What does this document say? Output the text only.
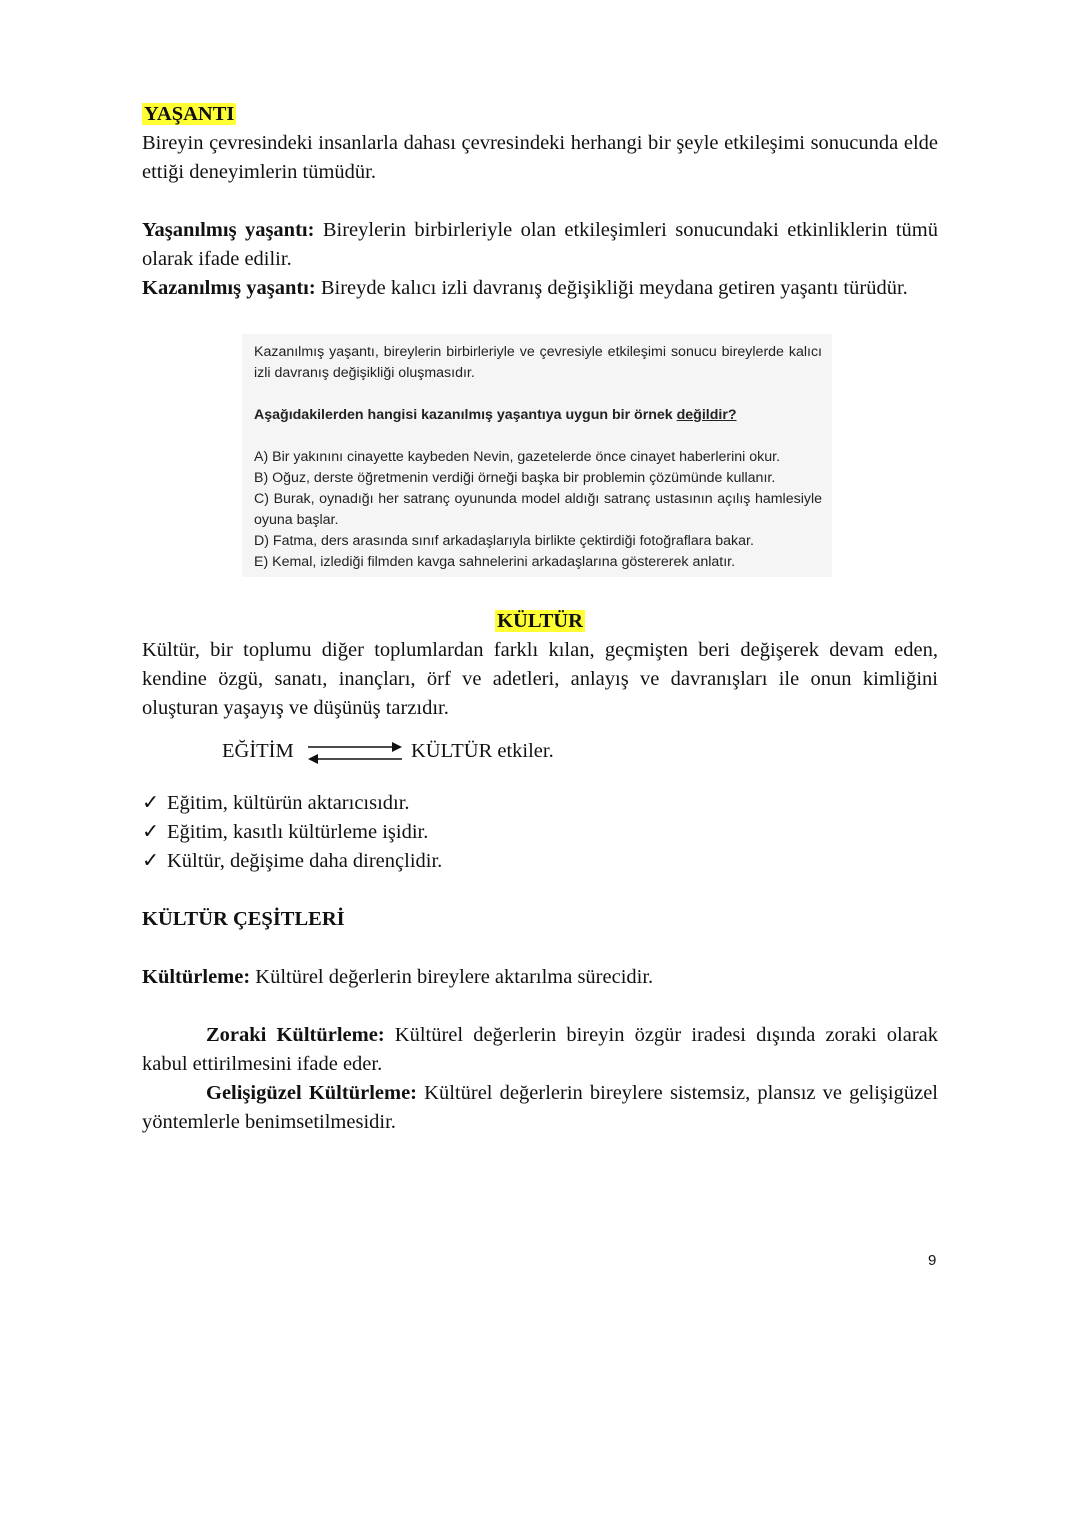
YAŞANTI

Bireyin çevresindeki insanlarla dahası çevresindeki herhangi bir şeyle etkileşimi sonucunda elde ettiği deneyimlerin tümüdür.

Yaşanılmış yaşantı: Bireylerin birbirleriyle olan etkileşimleri sonucundaki etkinliklerin tümü olarak ifade edilir.

Kazanılmış yaşantı: Bireyde kalıcı izli davranış değişikliği meydana getiren yaşantı türüdür.

Kazanılmış yaşantı, bireylerin birbirleriyle ve çevresiyle etkileşimi sonucu bireylerde kalıcı izli davranış değişikliği oluşmasıdır.

Aşağıdakilerden hangisi kazanılmış yaşantıya uygun bir örnek değildir?

A) Bir yakınını cinayette kaybeden Nevin, gazetelerde önce cinayet haberlerini okur.

B) Oğuz, derste öğretmenin verdiği örneği başka bir problemin çözümünde kullanır.

C) Burak, oynadığı her satranç oyununda model aldığı satranç ustasının açılış hamlesiyle oyuna başlar.

D) Fatma, ders arasında sınıf arkadaşlarıyla birlikte çektirdiği fotoğraflara bakar.

E) Kemal, izlediği filmden kavga sahnelerini arkadaşlarına göstererek anlatır.

KÜLTÜR

Kültür, bir toplumu diğer toplumlardan farklı kılan, geçmişten beri değişerek devam eden, kendine özgü, sanatı, inançları, örf ve adetleri, anlayış ve davranışları ile onun kimliğini oluşturan yaşayış ve düşünüş tarzıdır.

EĞİTİM	KÜLTÜR etkiler.
✓ Eğitim, kültürün aktarıcısıdır.
✓ Eğitim, kasıtlı kültürleme işidir.
✓ Kültür, değişime daha dirençlidir.

KÜLTÜR ÇEŞİTLERİ

Kültürleme: Kültürel değerlerin bireylere aktarılma sürecidir.

Zoraki Kültürleme: Kültürel değerlerin bireyin özgür iradesi dışında zoraki olarak kabul ettirilmesini ifade eder.

Gelişigüzel Kültürleme: Kültürel değerlerin bireylere sistemsiz, plansız ve gelişigüzel yöntemlerle benimsetilmesidir.

9
